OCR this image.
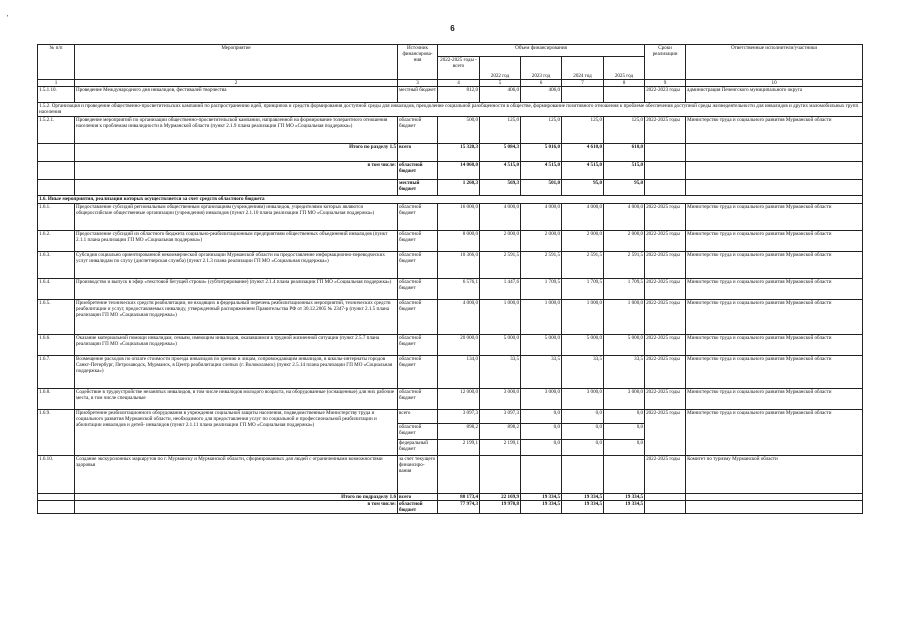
'
6
№ п/п	Мероприятие	Источник финансирова-ния	Объем финансирования					Сроки реализации	Ответственные исполнители/участники
			2022-2025 годы - всего	2022 год	2023 год	2024 год	2025 год		
1	2	3	4	5	6	7	8	9	10
1.5.1.10.	Проведение Международного дня инвалидов, фестивалей творчества	местный бюджет	812,0	406,0	406,0			2022-2023 годы	администрация Печенгского муниципального округа
1.5.2. Организация и проведение общественно-просветительских кампаний по распространению идей, принципов и средств формирования доступной среды для инвалидов, преодоление социальной разобщенности в обществе, формирование позитивного отношения к проблеме обеспечения доступной среды жизнедеятельности для инвалидов и других маломобильных групп населения									
1.5.2.1.	Проведение мероприятий по организации общественно-просветительской кампании, направленной на формирование толерантного отношения населения к проблемам инвалидности в Мурманской области (пункт 2.1.9 плана реализации ГП МО «Социальная поддержка»)	областной бюджет	500,0	125,0	125,0	125,0	125,0	2022-2025 годы	Министерство труда и социального развития Мурманской области
	Итого по разделу 1.5	всего	15 320,3	5 084,3	5 016,0	4 610,0	610,0		
	в том числе:	областной бюджет	14 060,0	4 515,0	4 515,0	4 515,0	515,0		
		местный бюджет	1 260,3	569,3	501,0	95,0	95,0		
1.6. Иные мероприятия, реализация которых осуществляется за счет средств областного бюджета									
1.6.1.	Предоставление субсидий региональным общественным организациям (учреждениям) инвалидов, учредителями которых являются общероссийские общественные организации (учреждения) инвалидов (пункт 2.1.10 плана реализации ГП МО «Социальная поддержка»)	областной бюджет	16 000,0	4 000,0	4 000,0	4 000,0	4 000,0	2022-2025 годы	Министерство труда и социального развития Мурманской области
1.6.2.	Предоставление субсидий из областного бюджета социально-реабилитационным предприятиям общественных объединений инвалидов (пункт 2.1.1 плана реализации ГП МО «Социальная поддержка»)	областной бюджет	8 000,0	2 000,0	2 000,0	2 000,0	2 000,0	2022-2025 годы	Министерство труда и социального развития Мурманской области
1.6.3.	Субсидия социально ориентированной некоммерческой организации Мурманской области на предоставление информационно-переводческих услуг инвалидам по слуху (диспетчерская служба) (пункт 2.1.3 плана реализации ГП МО «Социальная поддержка»)	областной бюджет	10 366,0	2 591,5	2 591,5	2 591,5	2 591,5	2022-2025 годы	Министерство труда и социального развития Мурманской области
1.6.4.	Производство и выпуск в эфир «текстовой бегущей строки» (субтитрирование) (пункт 2.1.4 плана реализации ГП МО «Социальная поддержка»)	областной бюджет	6 576,1	1 447,6	1 709,5	1 709,5	1 709,5	2022-2025 годы	Министерство труда и социального развития Мурманской области
1.6.5.	Приобретение технических средств реабилитации, не входящих в федеральный перечень реабилитационных мероприятий, технических средств реабилитации и услуг, предоставляемых инвалиду, утвержденный распоряжением Правительства РФ от 30.12.2005 № 2347-р (пункт 2.1.5 плана реализации ГП МО «Социальная поддержка»)	областной бюджет	4 000,0	1 000,0	1 000,0	1 000,0	1 000,0	2022-2025 годы	Министерство труда и социального развития Мурманской области
1.6.6.	Оказание материальной помощи инвалидам, семьям, имеющим инвалидов, оказавшимся в трудной жизненной ситуации (пункт 2.5.7 плана реализации ГП МО «Социальная поддержка»)	областной бюджет	20 000,0	5 000,0	5 000,0	5 000,0	5 000,0	2022-2025 годы	Министерство труда и социального развития Мурманской области
1.6.7.	Возмещение расходов по оплате стоимости проезда инвалидов по зрению и лицам, сопровождающим инвалидов, в школы-интернаты городов Санкт-Петербург, Петрозаводск, Мурманск, в Центр реабилитации слепых (г. Волоколамск) (пункт 2.5.14 плана реализации ГП МО «Социальная поддержка»)	областной бюджет	134,0	33,5	33,5	33,5	33,5	2022-2025 годы	Министерство труда и социального развития Мурманской области
1.6.8.	Содействие в трудоустройстве незанятых инвалидов, в том числе инвалидов молодого возраста, на оборудованные (оснащенные) для них рабочие места, в том числе специальные	областной бюджет	12 000,0	3 000,0	3 000,0	3 000,0	3 000,0	2022-2025 годы	Министерство труда и социального развития Мурманской области
1.6.9.	Приобретение реабилитационного оборудования в учреждения социальной защиты населения, подведомственные Министерству труда и социального развития Мурманской области, необходимого для предоставления услуг по социальной и профессиональной реабилитации и абилитации инвалидов и детей- инвалидов (пункт 2.1.11 плана реализации ГП МО «Социальная поддержка»)	всего	3 097,3	3 097,3	0,0	0,0	0,0	2022-2025 годы	Министерство труда и социального развития Мурманской области
		областной бюджет	898,2	898,2	0,0	0,0	0,0		
		федеральный бюджет	2 199,1	2 199,1	0,0	0,0	0,0		
1.6.10.	Создание экскурсионных маршрутов по г. Мурманску и Мурманской области, сформированных для людей с ограниченными возможностями здоровья	за счет текущего финансиро-вания						2022-2025 годы	Комитет по туризму Мурманской области
	Итого по подразделу 1.6	всего	80 173,4	22 169,9	19 334,5	19 334,5	19 334,5		
	в том числе:	областной бюджет	77 974,3	19 970,8	19 334,5	19 334,5	19 334,5		
